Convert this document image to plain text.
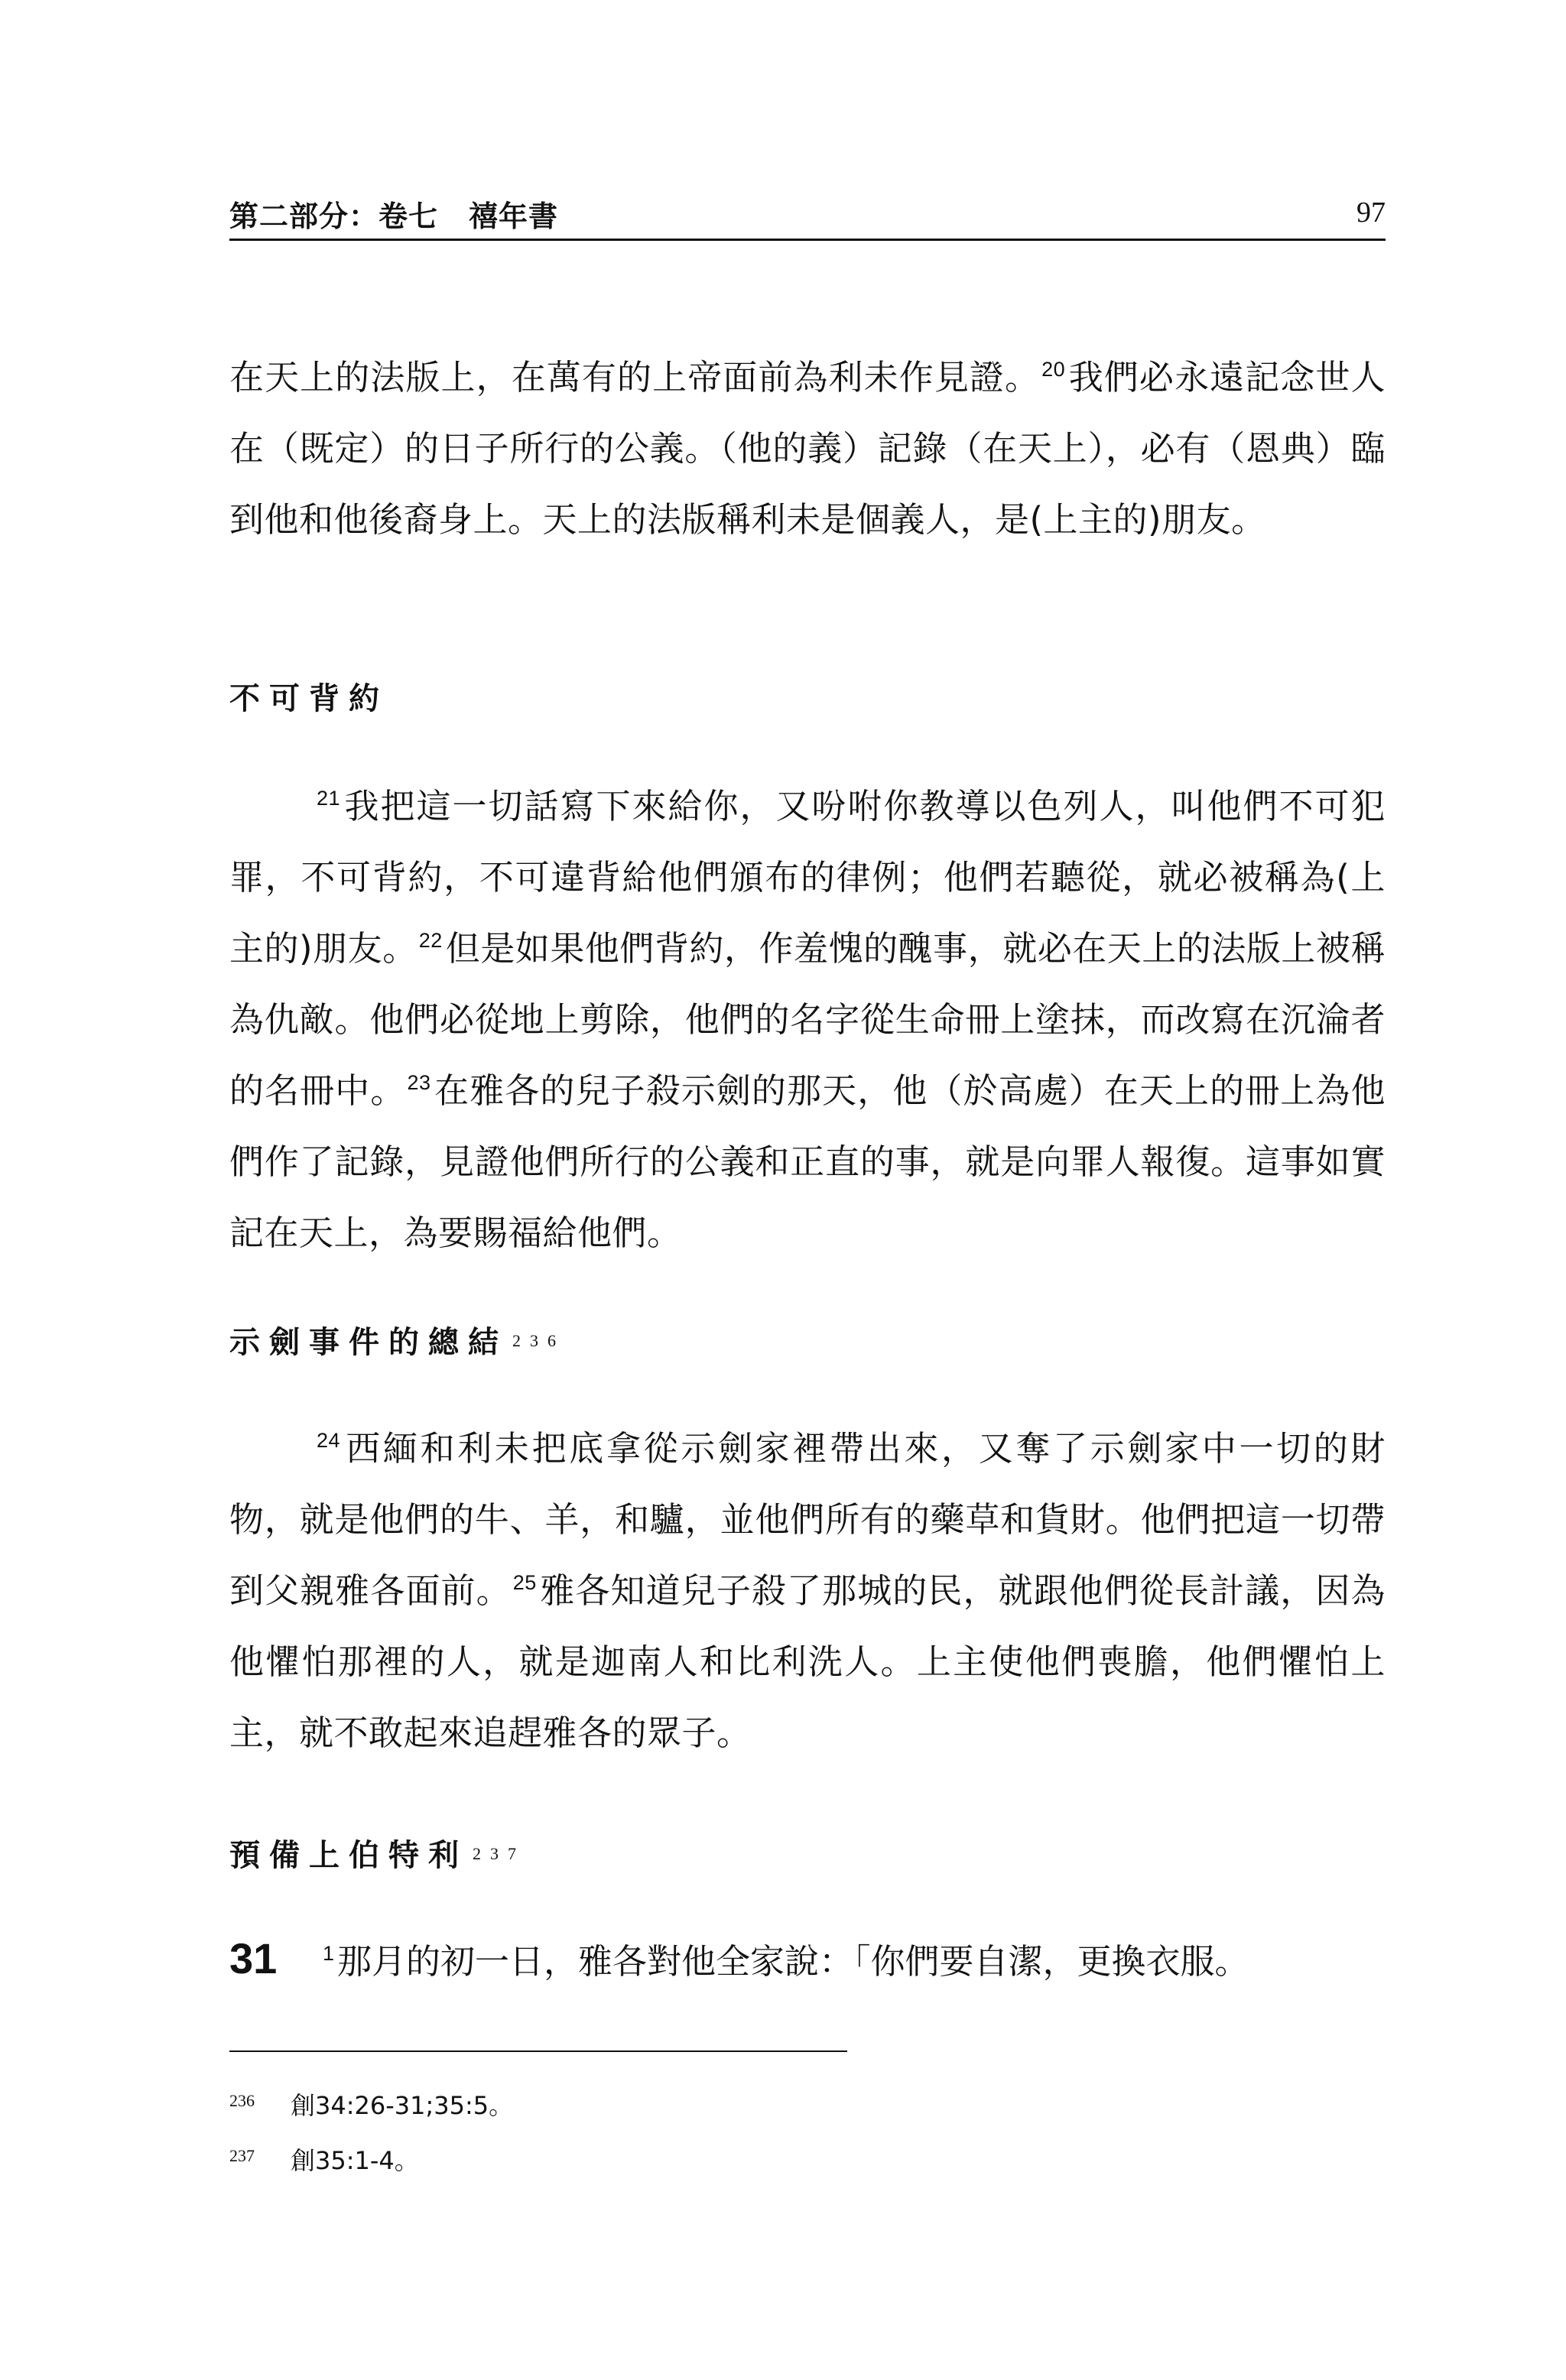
第二部分：卷七 禧年書	97
在天上的法版上，在萬有的上帝面前為利未作見證。$^{20}$我們必永遠記念世人在（既定）的日子所行的公義。（他的義）記錄（在天上），必有（恩典）臨到他和他後裔身上。天上的法版稱利未是個義人，是(上主的)朋友。
不可背約
$^{21}$我把這一切話寫下來給你，又吩咐你教導以色列人，叫他們不可犯罪，不可背約，不可違背給他們頒布的律例；他們若聽從，就必被稱為(上主的)朋友。$^{22}$但是如果他們背約，作羞愧的醜事，就必在天上的法版上被稱為仇敵。他們必從地上剪除，他們的名字從生命冊上塗抹，而改寫在沉淪者的名冊中。$^{23}$在雅各的兒子殺示劍的那天，他（於高處）在天上的冊上為他們作了記錄，見證他們所行的公義和正直的事，就是向罪人報復。這事如實記在天上，為要賜福給他們。
示劍事件的總結 $^{236}$
$^{24}$西緬和利未把底拿從示劍家裡帶出來，又奪了示劍家中一切的財物，就是他們的牛、羊，和驢，並他們所有的藥草和貨財。他們把這一切帶到父親雅各面前。$^{25}$雅各知道兒子殺了那城的民，就跟他們從長計議，因為他懼怕那裡的人，就是迦南人和比利洗人。上主使他們喪膽，他們懼怕上主，就不敢起來追趕雅各的眾子。
預備上伯特利 $^{237}$
31 $^1$那月的初一日，雅各對他全家說：「你們要自潔，更換衣服。
236 創34:26-31;35:5。
237 創35:1-4。
